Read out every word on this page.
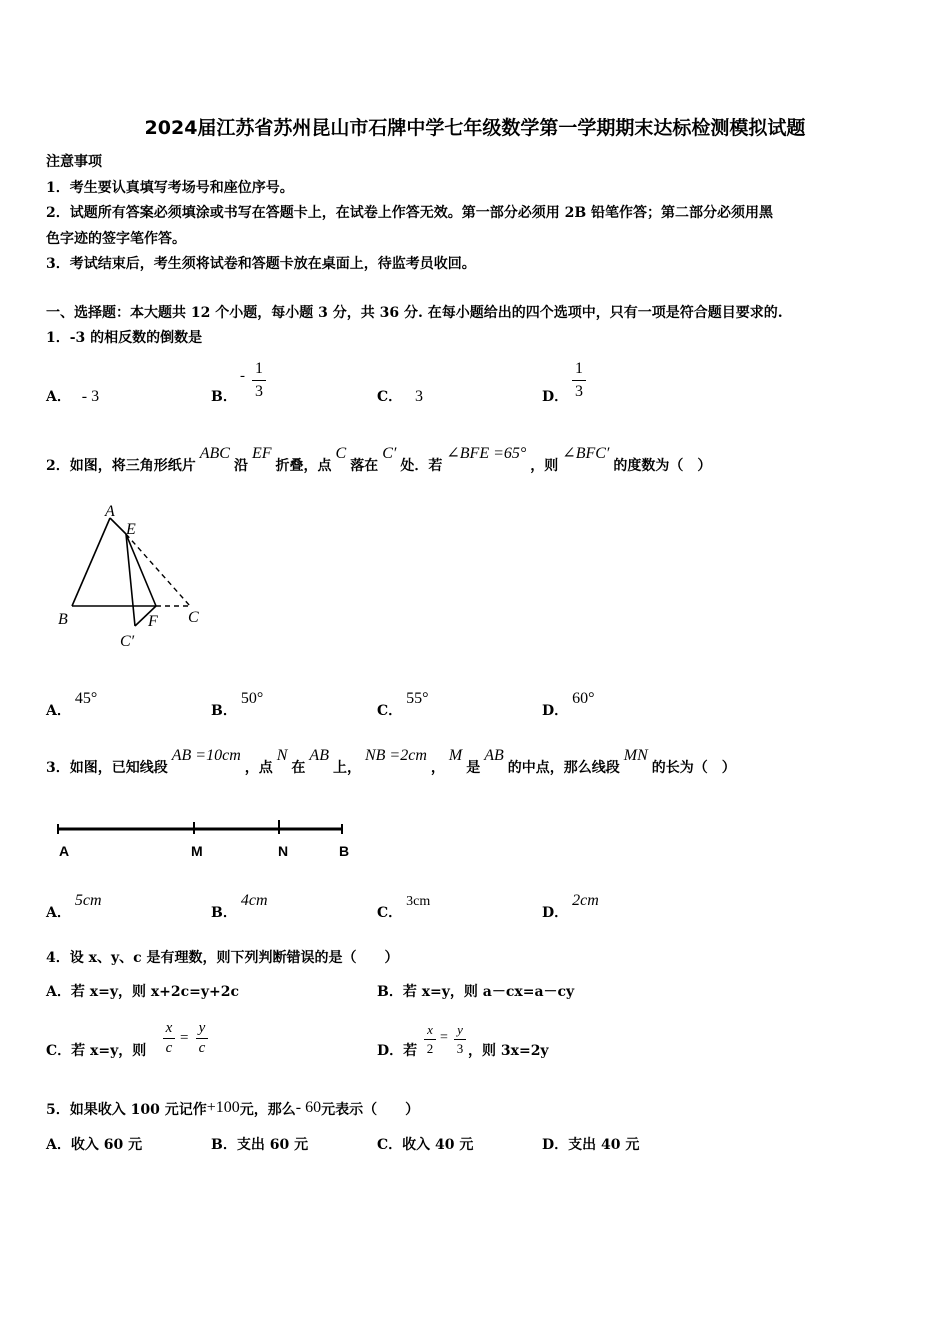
2024届江苏省苏州昆山市石牌中学七年级数学第一学期期末达标检测模拟试题
注意事项
1．考生要认真填写考场号和座位序号。
2．试题所有答案必须填涂或书写在答题卡上，在试卷上作答无效。第一部分必须用 2B 铅笔作答；第二部分必须用黑
色字迹的签字笔作答。
3．考试结束后，考生须将试卷和答题卡放在桌面上，待监考员收回。
一、选择题：本大题共 12 个小题，每小题 3 分，共 36 分. 在每小题给出的四个选项中，只有一项是符合题目要求的.
1．-3 的相反数的倒数是
A． - 3	B．
- 1
3	C． 3	D．
1
3
2．如图，将三角形纸片ABC沿EF折叠，点C落在C′处．若∠BFE =65°，则∠BFC′的度数为（　）
A
E
B	C
C′
F
A．45°
B．50°
C．55°
D．60°
3．如图，已知线段AB =10cm，点N在AB上，NB =2cm，M是AB的中点，那么线段MN的长为（　）
A	M	N	B
A．5cm
B．4cm
C．3cm
D．2cm
4．设 x、y、c 是有理数，则下列判断错误的是（　　）
A．若 x=y，则 x+2c=y+2c	B．若 x=y，则 a－cx=a－cy
C．若 x=y，则
x
c
=
y
c	D．若
x
2
=
y
3 ，则 3x=2y
5．如果收入 100 元记作+100元，那么- 60元表示（　　）
A．收入 60 元	B．支出 60 元	C．收入 40 元	D．支出 40 元
